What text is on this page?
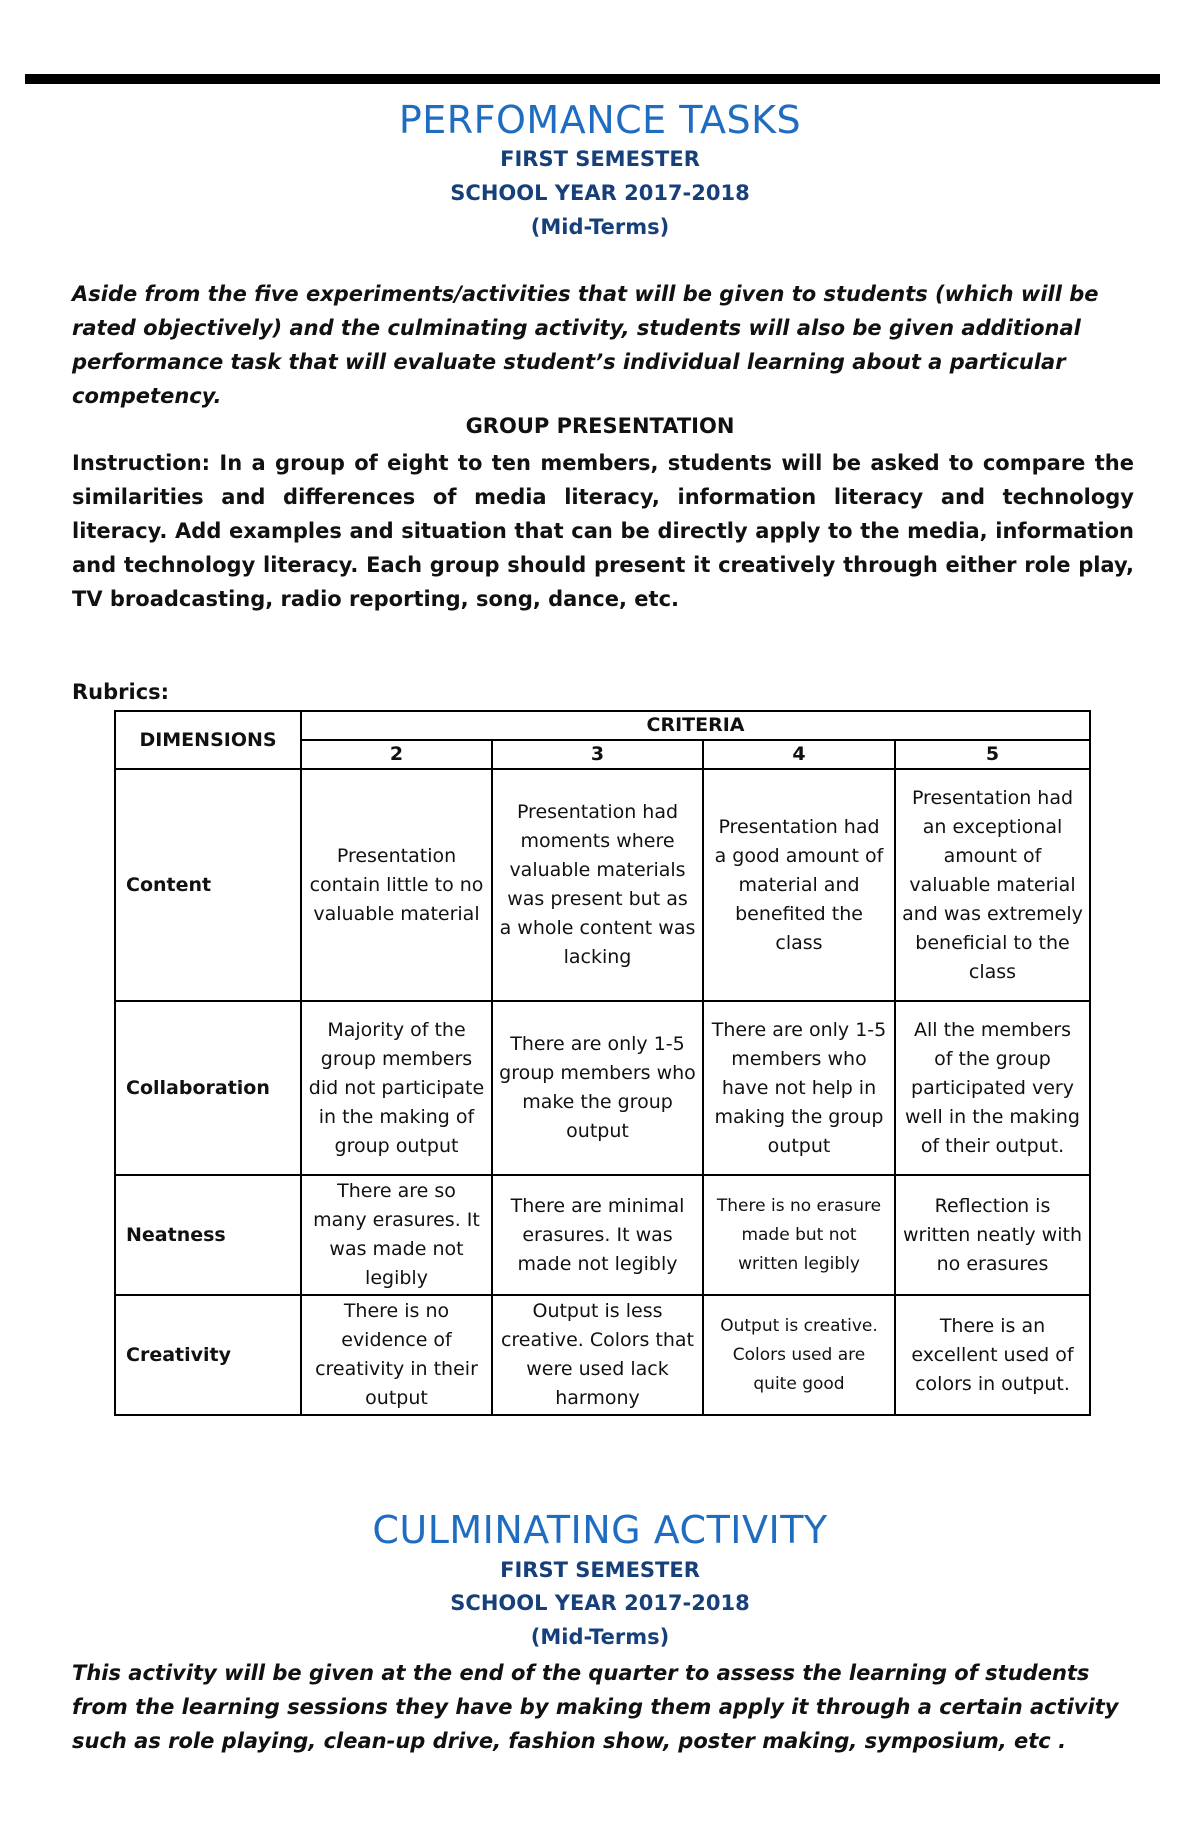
PERFOMANCE TASKS
FIRST SEMESTER
SCHOOL YEAR 2017-2018
(Mid-Terms)
Aside from the five experiments/activities that will be given to students (which will be rated objectively) and the culminating activity, students will also be given additional performance task that will evaluate student’s individual learning about a particular competency.
GROUP PRESENTATION
Instruction: In a group of eight to ten members, students will be asked to compare the similarities and differences of media literacy, information literacy and technology literacy. Add examples and situation that can be directly apply to the media, information and technology literacy. Each group should present it creatively through either role play, TV broadcasting, radio reporting, song, dance, etc.
Rubrics:
DIMENSIONS	CRITERIA			
	2	3	4	5
Content	Presentation contain little to no valuable material	Presentation had moments where valuable materials was present but as a whole content was lacking	Presentation had a good amount of material and benefited the class	Presentation had an exceptional amount of valuable material and was extremely beneficial to the class
Collaboration	Majority of the group members did not participate in the making of group output	There are only 1-5 group members who make the group output	There are only 1-5 members who have not help in making the group output	All the members of the group participated very well in the making of their output.
Neatness	There are so many erasures. It was made not legibly	There are minimal erasures. It was made not legibly	There is no erasure made but not written legibly	Reflection is written neatly with no erasures
Creativity	There is no evidence of creativity in their output	Output is less creative. Colors that were used lack harmony	Output is creative. Colors used are quite good	There is an excellent used of colors in output.
CULMINATING ACTIVITY
FIRST SEMESTER
SCHOOL YEAR 2017-2018
(Mid-Terms)
This activity will be given at the end of the quarter to assess the learning of students from the learning sessions they have by making them apply it through a certain activity such as role playing, clean-up drive, fashion show, poster making, symposium, etc .
